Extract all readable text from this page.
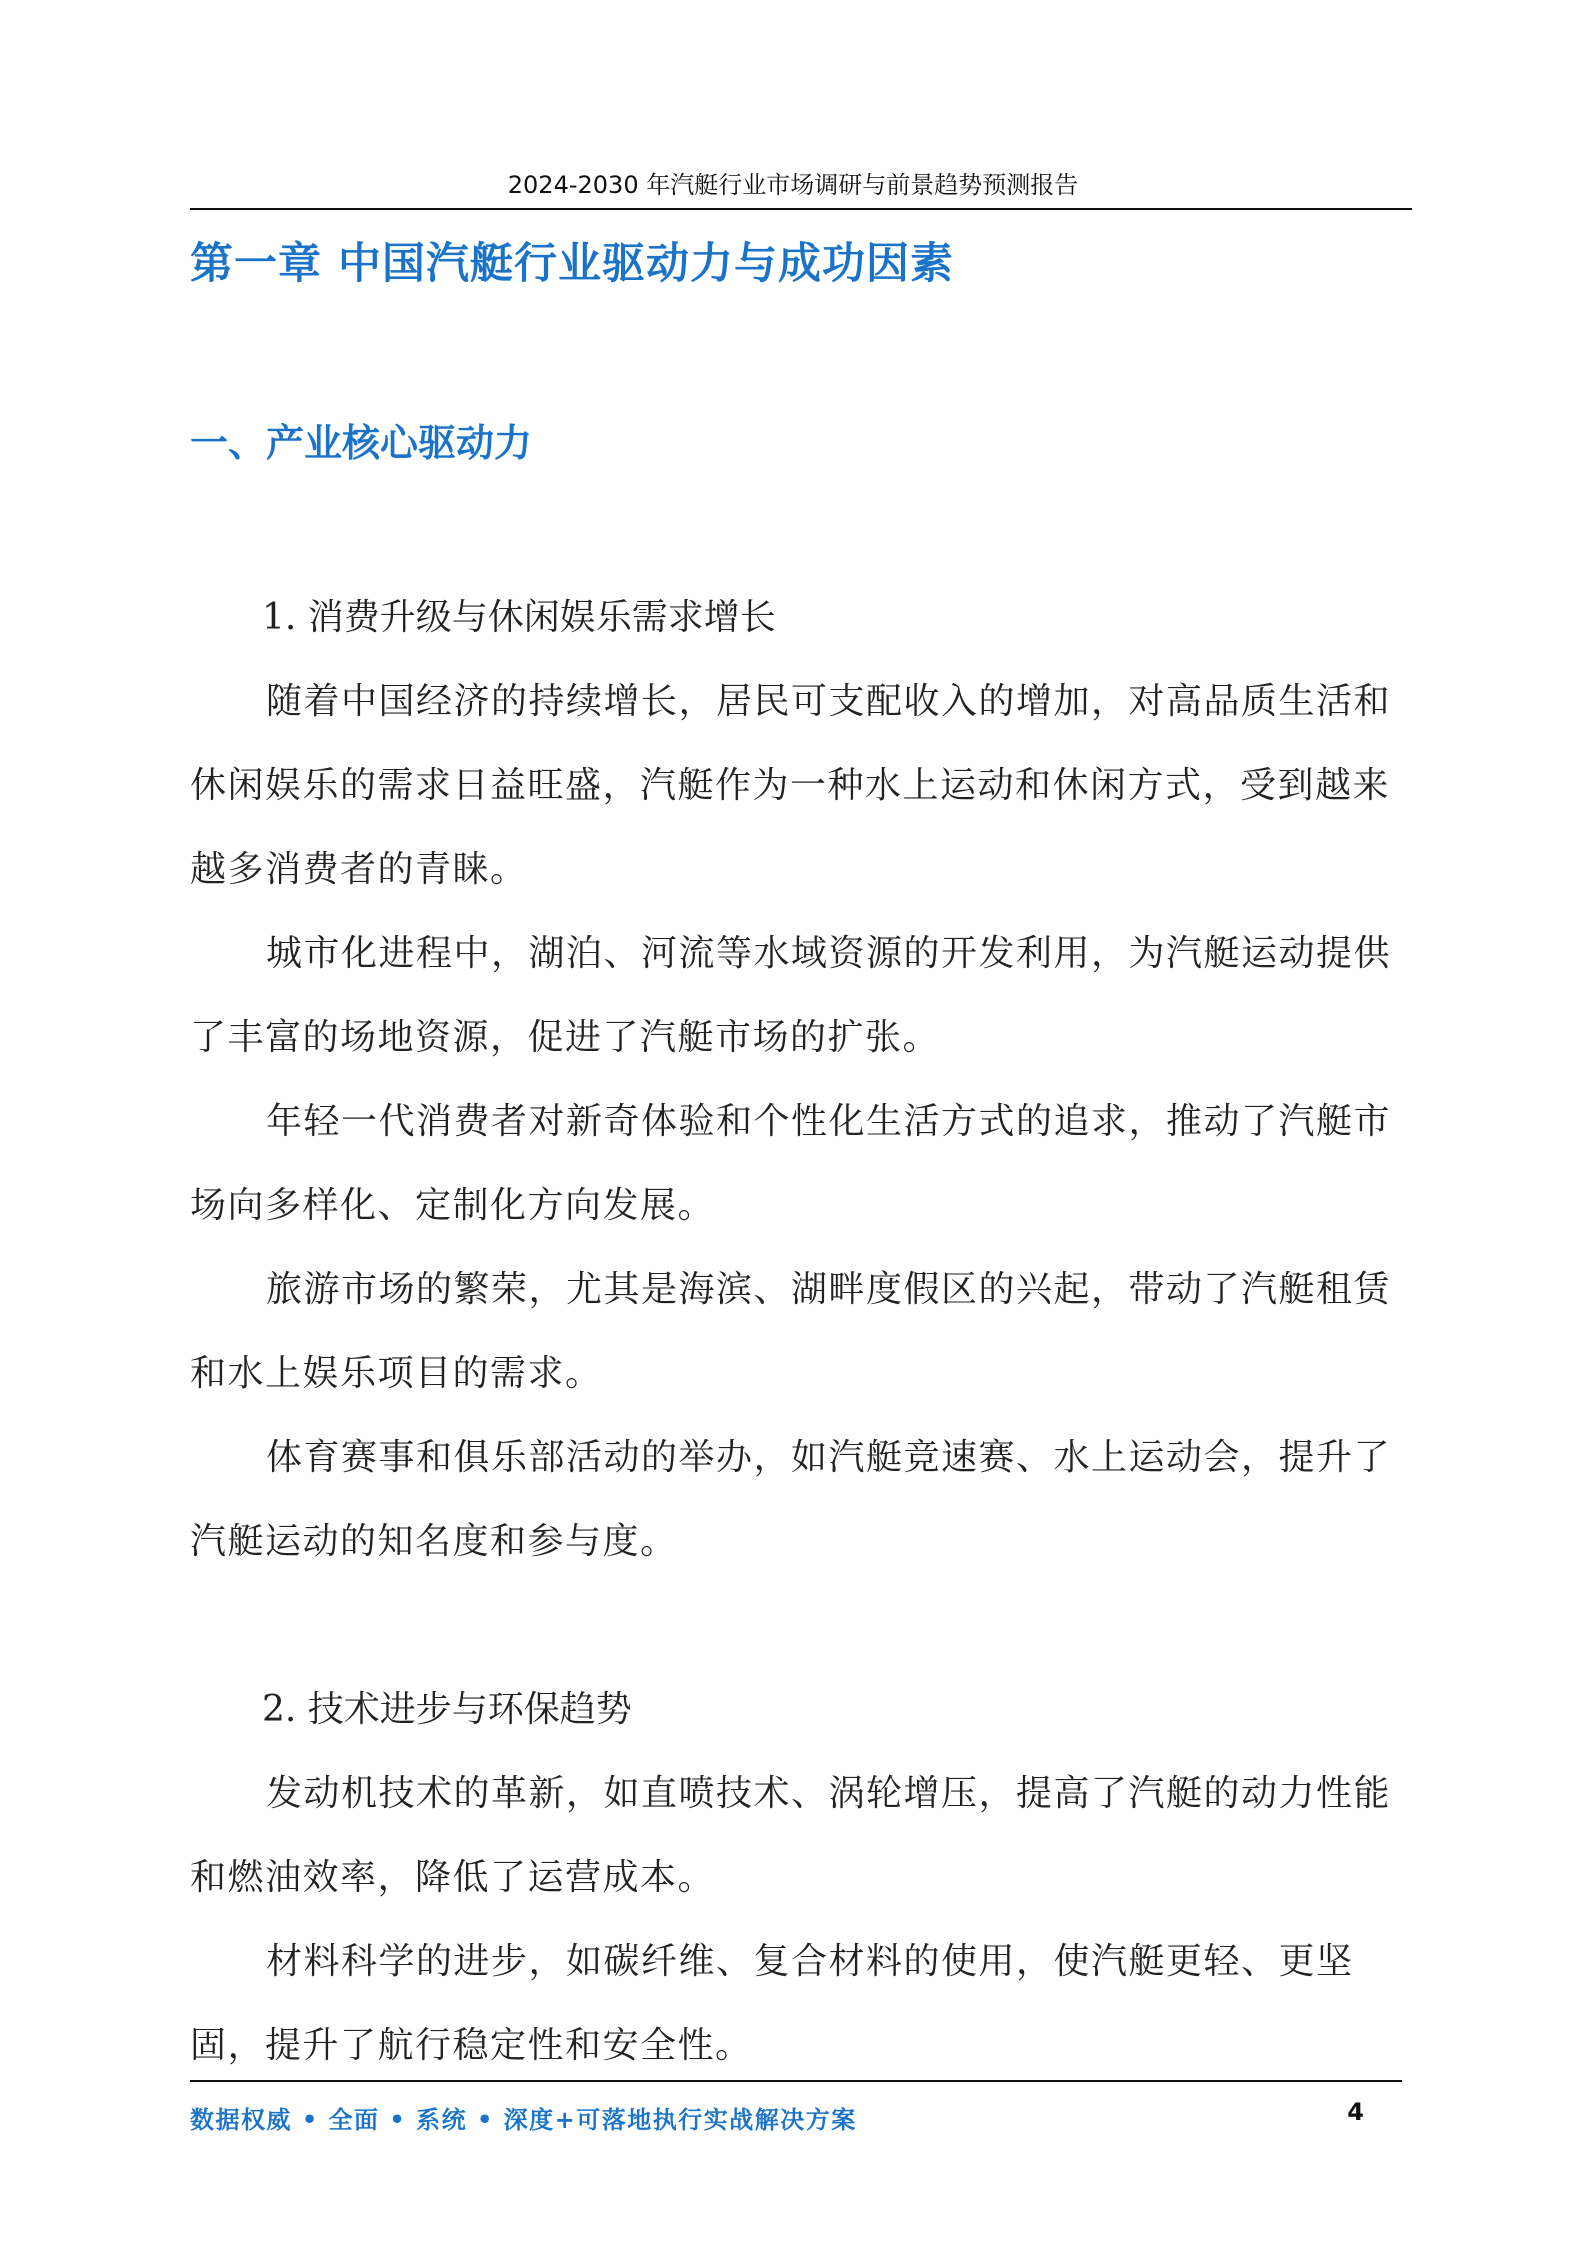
2024-2030 年汽艇行业市场调研与前景趋势预测报告
第一章 中国汽艇行业驱动力与成功因素
一、产业核心驱动力

1. 消费升级与休闲娱乐需求增长

随着中国经济的持续增长，居民可支配收入的增加，对高品质生活和休闲娱乐的需求日益旺盛，汽艇作为一种水上运动和休闲方式，受到越来越多消费者的青睐。

城市化进程中，湖泊、河流等水域资源的开发利用，为汽艇运动提供了丰富的场地资源，促进了汽艇市场的扩张。

年轻一代消费者对新奇体验和个性化生活方式的追求，推动了汽艇市场向多样化、定制化方向发展。

旅游市场的繁荣，尤其是海滨、湖畔度假区的兴起，带动了汽艇租赁和水上娱乐项目的需求。

体育赛事和俱乐部活动的举办，如汽艇竞速赛、水上运动会，提升了汽艇运动的知名度和参与度。

2. 技术进步与环保趋势

发动机技术的革新，如直喷技术、涡轮增压，提高了汽艇的动力性能和燃油效率，降低了运营成本。

材料科学的进步，如碳纤维、复合材料的使用，使汽艇更轻、更坚固，提升了航行稳定性和安全性。

数据权威 • 全面 • 系统 • 深度+可落地执行实战解决方案	4
